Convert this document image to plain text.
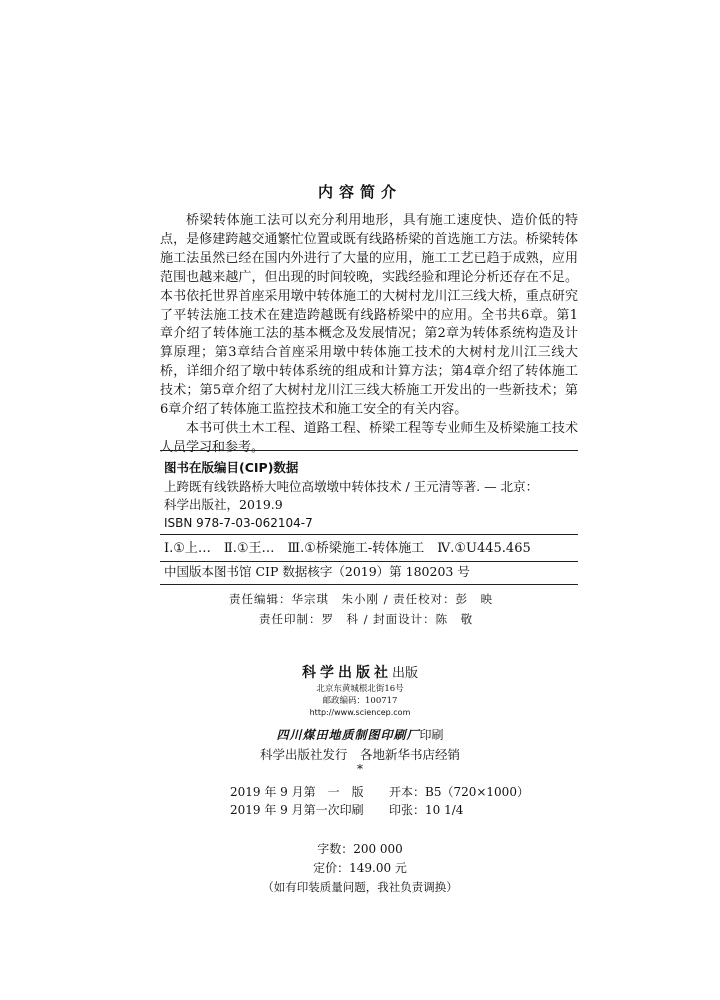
内容简介

桥梁转体施工法可以充分利用地形，具有施工速度快、造价低的特点，是修建跨越交通繁忙位置或既有线路桥梁的首选施工方法。桥梁转体施工法虽然已经在国内外进行了大量的应用，施工工艺已趋于成熟，应用范围也越来越广，但出现的时间较晚，实践经验和理论分析还存在不足。本书依托世界首座采用墩中转体施工的大树村龙川江三线大桥，重点研究了平转法施工技术在建造跨越既有线路桥梁中的应用。全书共6章。第1章介绍了转体施工法的基本概念及发展情况；第2章为转体系统构造及计算原理；第3章结合首座采用墩中转体施工技术的大树村龙川江三线大桥，详细介绍了墩中转体系统的组成和计算方法；第4章介绍了转体施工技术；第5章介绍了大树村龙川江三线大桥施工开发出的一些新技术；第6章介绍了转体施工监控技术和施工安全的有关内容。

本书可供土木工程、道路工程、桥梁工程等专业师生及桥梁施工技术人员学习和参考。

图书在版编目(CIP)数据
上跨既有线铁路桥大吨位高墩墩中转体技术 / 王元清等著. — 北京：
科学出版社，2019.9
ISBN 978-7-03-062104-7
Ⅰ.①上…　Ⅱ.①王…　Ⅲ.①桥梁施工-转体施工　Ⅳ.①U445.465
中国版本图书馆 CIP 数据核字（2019）第 180203 号
责任编辑：华宗琪　朱小刚 / 责任校对：彭　映
责任印制：罗　科 / 封面设计：陈　敬
科学出版社出版
北京东黄城根北街16号
邮政编码：100717
http://www.sciencep.com
四川煤田地质制图印刷厂印刷
科学出版社发行　各地新华书店经销
*
2019 年 9 月第　一　版 开本：B5（720×1000）
2019 年 9 月第一次印刷 印张：10 1/4
字数：200 000
定价：149.00 元
（如有印装质量问题，我社负责调换）
